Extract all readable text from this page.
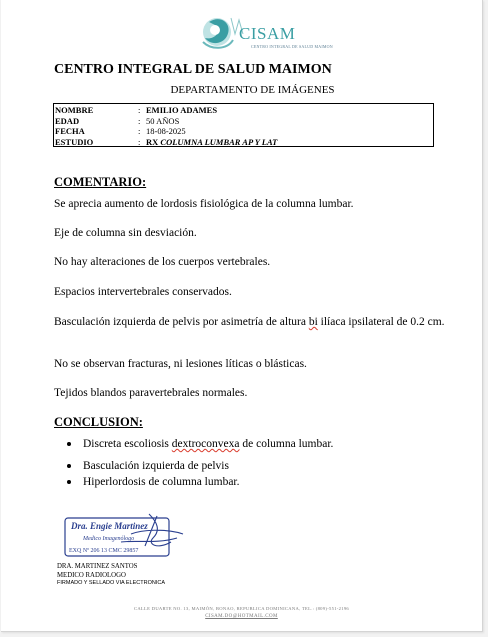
CISAM
CENTRO INTEGRAL DE SALUD MAIMON
CENTRO INTEGRAL DE SALUD MAIMON
DEPARTAMENTO DE IMÁGENES
NOMBRE	: EMILIO ADAMES
EDAD	: 50 AÑOS
FECHA	: 18-08-2025
ESTUDIO	: RX COLUMNA LUMBAR AP Y LAT
COMENTARIO:
Se aprecia aumento de lordosis fisiológica de la columna lumbar.
Eje de columna sin desviación.
No hay alteraciones de los cuerpos vertebrales.
Espacios intervertebrales conservados.
Basculación izquierda de pelvis por asimetría de altura bi ilíaca ipsilateral de 0.2 cm.
No se observan fracturas, ni lesiones líticas o blásticas.
Tejidos blandos paravertebrales normales.
CONCLUSION:
Discreta escoliosis dextroconvexa de columna lumbar.
Basculación izquierda de pelvis
Hiperlordosis de columna lumbar.
Dra. Engie Martinez
Medico Imagenólogo
EXQ Nº 206 13 CMC 29857
DRA. MARTINEZ SANTOS
MEDICO RADIOLOGO
FIRMADO Y SELLADO VIA ELECTRONICA
CALLE DUARTE NO. 13, MAIMÓN, BONAO, REPUBLICA DOMINICANA, TEL.: (809)-551-2196
CISAM.DO@HOTMAIL.COM
